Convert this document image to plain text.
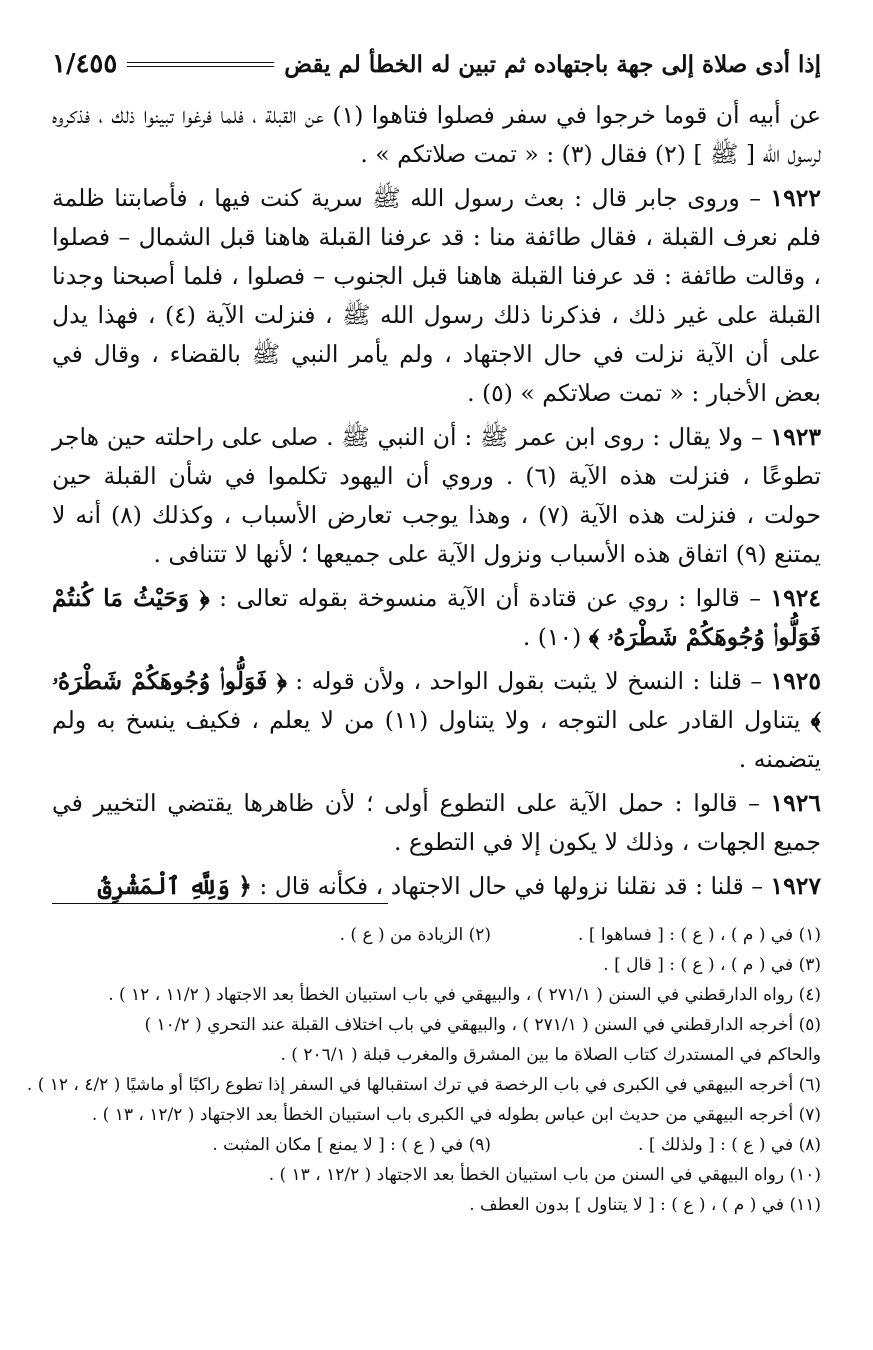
إذا أدى صلاة إلى جهة باجتهاده ثم تبين له الخطأ لم يقض
١/٤٥٥

عن أبيه أن قوما خرجوا في سفر فصلوا فتاهوا (١) عن القبلة ، فلما فرغوا تبينوا ذلك ، فذكروه لرسول الله [ ﷺ ] (٢) فقال (٣) : « تمت صلاتكم » .

١٩٢٢ – وروى جابر قال : بعث رسول الله ﷺ سرية كنت فيها ، فأصابتنا ظلمة فلم نعرف القبلة ، فقال طائفة منا : قد عرفنا القبلة هاهنا قبل الشمال – فصلوا ، وقالت طائفة : قد عرفنا القبلة هاهنا قبل الجنوب – فصلوا ، فلما أصبحنا وجدنا القبلة على غير ذلك ، فذكرنا ذلك رسول الله ﷺ ، فنزلت الآية (٤) ، فهذا يدل على أن الآية نزلت في حال الاجتهاد ، ولم يأمر النبي ﷺ بالقضاء ، وقال في بعض الأخبار : « تمت صلاتكم » (٥) .

١٩٢٣ – ولا يقال : روى ابن عمر ﷺ : أن النبي ﷺ . صلى على راحلته حين هاجر تطوعًا ، فنزلت هذه الآية (٦) . وروي أن اليهود تكلموا في شأن القبلة حين حولت ، فنزلت هذه الآية (٧) ، وهذا يوجب تعارض الأسباب ، وكذلك (٨) أنه لا يمتنع (٩) اتفاق هذه الأسباب ونزول الآية على جميعها ؛ لأنها لا تتنافى .

١٩٢٤ – قالوا : روي عن قتادة أن الآية منسوخة بقوله تعالى : ﴿ وَحَيْثُ مَا كُنتُمْ فَوَلُّوا۟ وُجُوهَكُمْ شَطْرَهُۥ ﴾ (١٠) .

١٩٢٥ – قلنا : النسخ لا يثبت بقول الواحد ، ولأن قوله : ﴿ فَوَلُّوا۟ وُجُوهَكُمْ شَطْرَهُۥ ﴾ يتناول القادر على التوجه ، ولا يتناول (١١) من لا يعلم ، فكيف ينسخ به ولم يتضمنه .

١٩٢٦ – قالوا : حمل الآية على التطوع أولى ؛ لأن ظاهرها يقتضي التخيير في جميع الجهات ، وذلك لا يكون إلا في التطوع .

١٩٢٧ – قلنا : قد نقلنا نزولها في حال الاجتهاد ، فكأنه قال : ﴿ وَلِلَّهِ ٱلْمَشْرِقُ

(١) في ( م ) ، ( ع ) : [ فساهوا ] .
(٢) الزيادة من ( ع ) .
(٣) في ( م ) ، ( ع ) : [ قال ] .
(٤) رواه الدارقطني في السنن ( ٢٧١/١ ) ، والبيهقي في باب استبيان الخطأ بعد الاجتهاد ( ١١/٢ ، ١٢ ) .
(٥) أخرجه الدارقطني في السنن ( ٢٧١/١ ) ، والبيهقي في باب اختلاف القبلة عند التحري ( ١٠/٢ )
والحاكم في المستدرك كتاب الصلاة ما بين المشرق والمغرب قبلة ( ٢٠٦/١ ) .
(٦) أخرجه البيهقي في الكبرى في باب الرخصة في ترك استقبالها في السفر إذا تطوع راكبًا أو ماشيًا ( ٤/٢ ، ١٢ ) .
(٧) أخرجه البيهقي من حديث ابن عباس بطوله في الكبرى باب استبيان الخطأ بعد الاجتهاد ( ١٢/٢ ، ١٣ ) .
(٨) في ( ع ) : [ ولذلك ] .
(٩) في ( ع ) : [ لا يمنع ] مكان المثبت .
(١٠) رواه البيهقي في السنن من باب استبيان الخطأ بعد الاجتهاد ( ١٢/٢ ، ١٣ ) .
(١١) في ( م ) ، ( ع ) : [ لا يتناول ] بدون العطف .
